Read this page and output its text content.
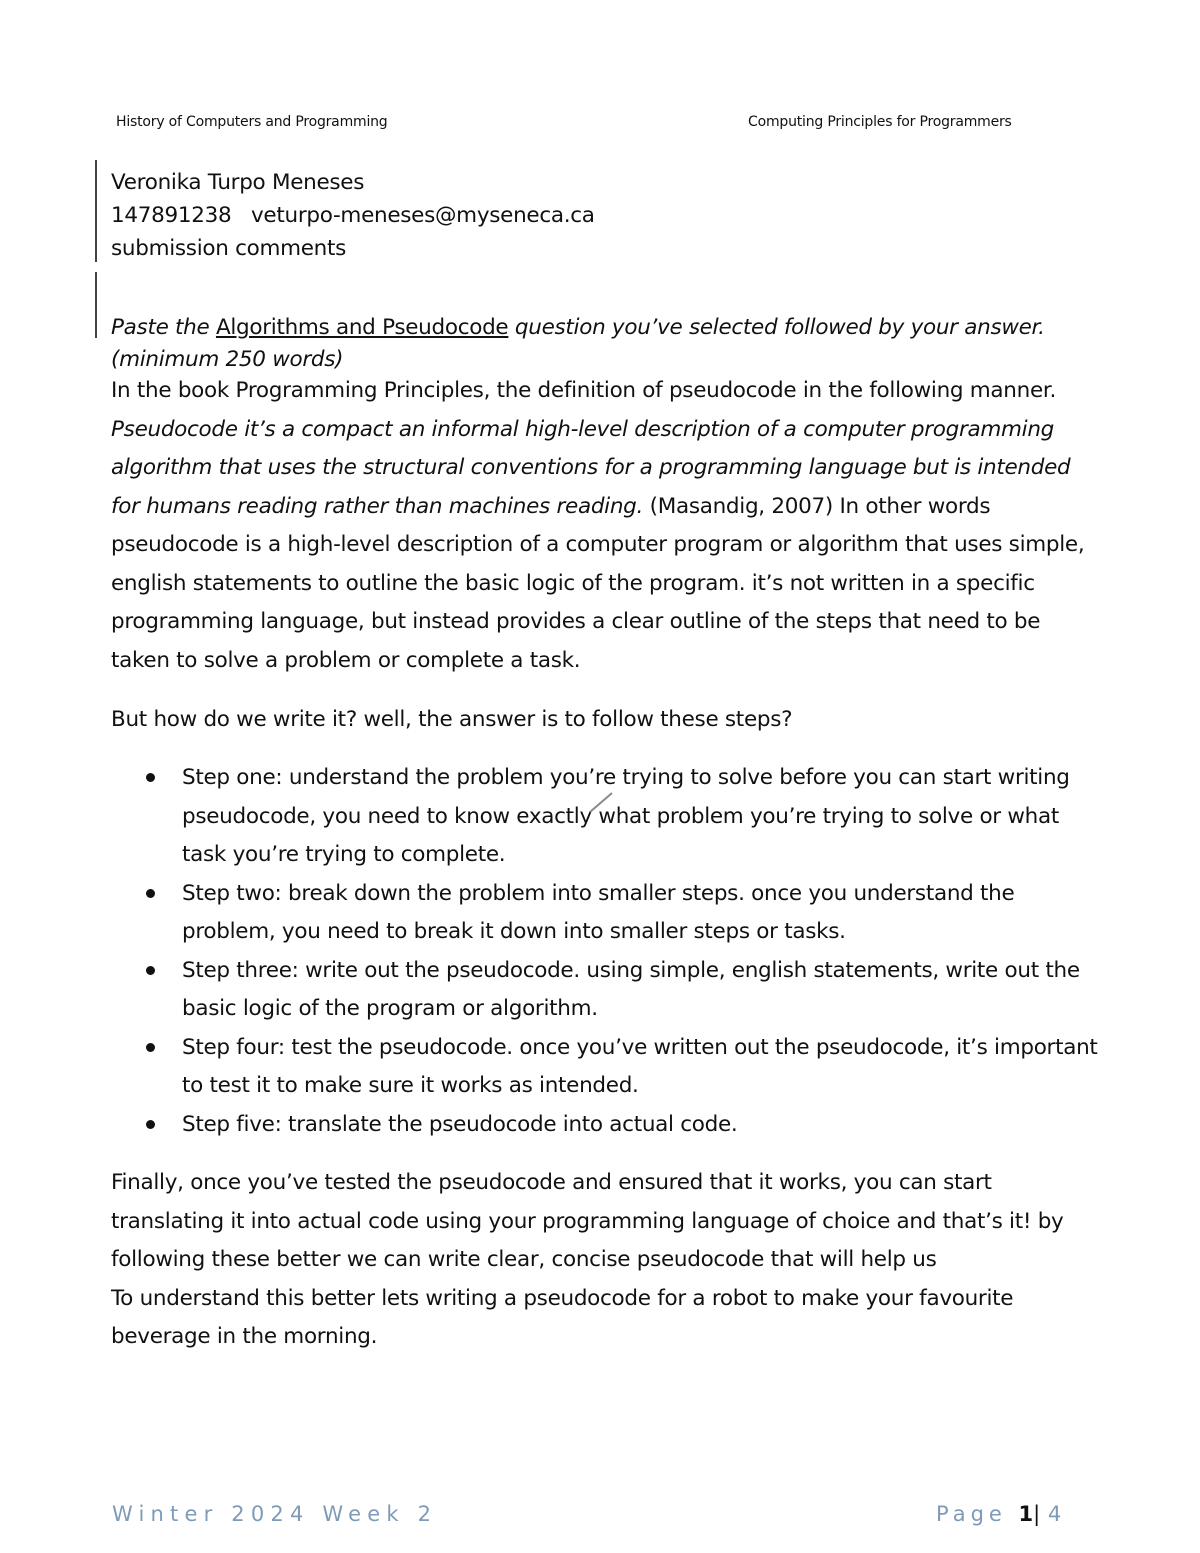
History of Computers and Programming	Computing Principles for Programmers
Veronika Turpo Meneses
147891238   veturpo-meneses@myseneca.ca
submission comments
Paste the Algorithms and Pseudocode question you’ve selected followed by your answer. (minimum 250 words)
In the book Programming Principles, the definition of pseudocode in the following manner. Pseudocode it’s a compact an informal high-level description of a computer programming algorithm that uses the structural conventions for a programming language but is intended for humans reading rather than machines reading. (Masandig, 2007) In other words pseudocode is a high-level description of a computer program or algorithm that uses simple, english statements to outline the basic logic of the program. it’s not written in a specific programming language, but instead provides a clear outline of the steps that need to be taken to solve a problem or complete a task.
But how do we write it? well, the answer is to follow these steps?
Step one: understand the problem you’re trying to solve before you can start writing pseudocode, you need to know exactly what problem you’re trying to solve or what task you’re trying to complete.
Step two: break down the problem into smaller steps. once you understand the problem, you need to break it down into smaller steps or tasks.
Step three: write out the pseudocode. using simple, english statements, write out the basic logic of the program or algorithm.
Step four: test the pseudocode. once you’ve written out the pseudocode, it’s important to test it to make sure it works as intended.
Step five: translate the pseudocode into actual code.
Finally, once you’ve tested the pseudocode and ensured that it works, you can start translating it into actual code using your programming language of choice and that’s it! by following these better we can write clear, concise pseudocode that will help us
To understand this better lets writing a pseudocode for a robot to make your favourite beverage in the morning.
Winter 2024 Week 2	Page 1| 4
